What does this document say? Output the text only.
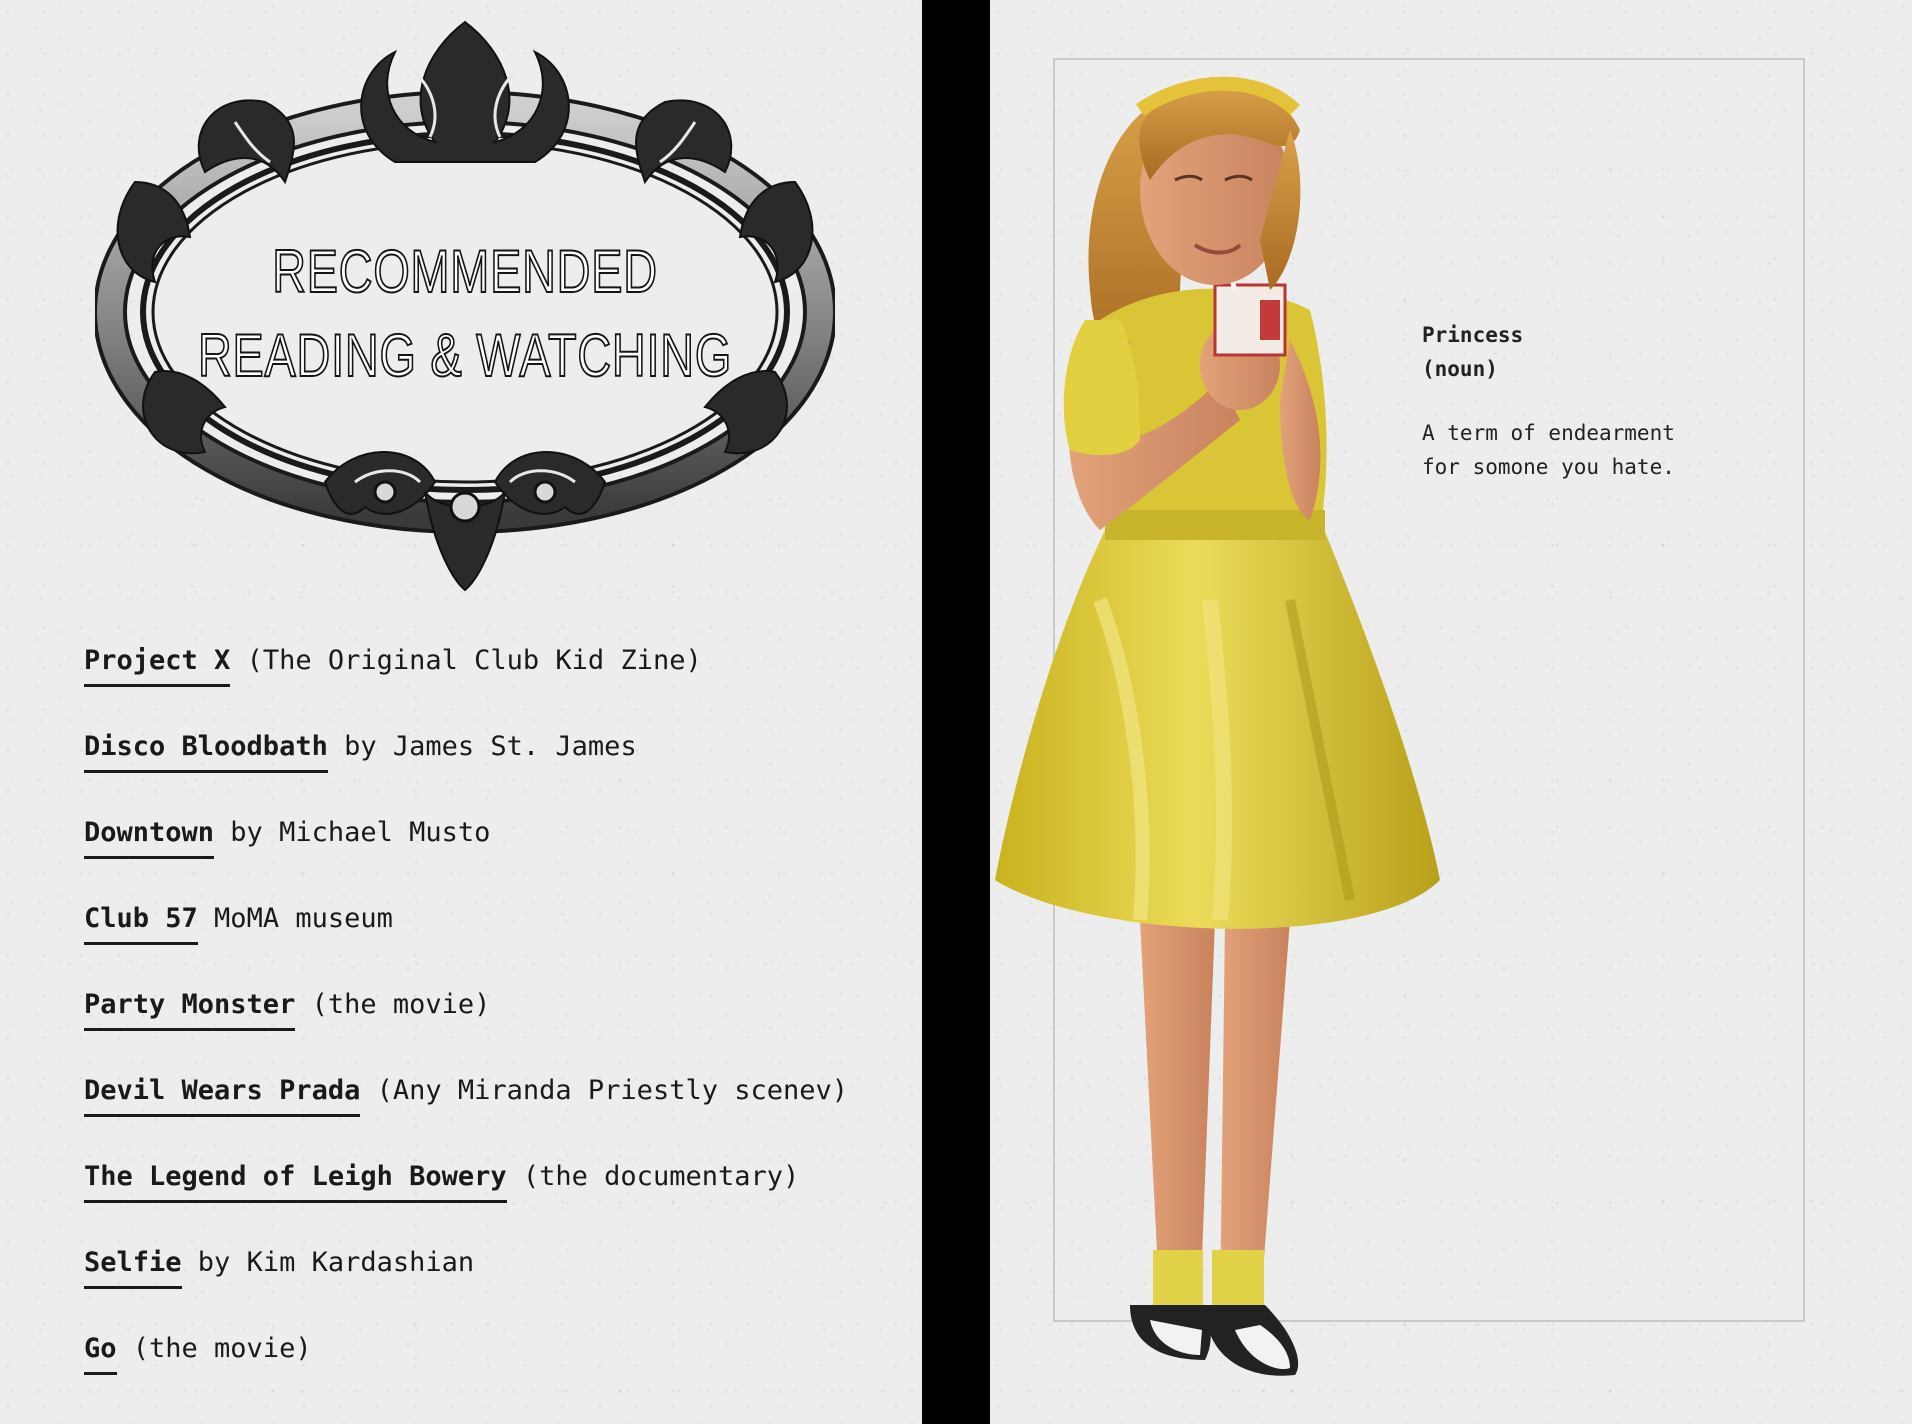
RECOMMENDED
READING & WATCHING
Project X (The Original Club Kid Zine)
Disco Bloodbath by James St. James
Downtown by Michael Musto
Club 57 MoMA museum
Party Monster (the movie)
Devil Wears Prada (Any Miranda Priestly scenev)
The Legend of Leigh Bowery (the documentary)
Selfie by Kim Kardashian
Go (the movie)
Princess
(noun)
A term of endearment
for somone you hate.
